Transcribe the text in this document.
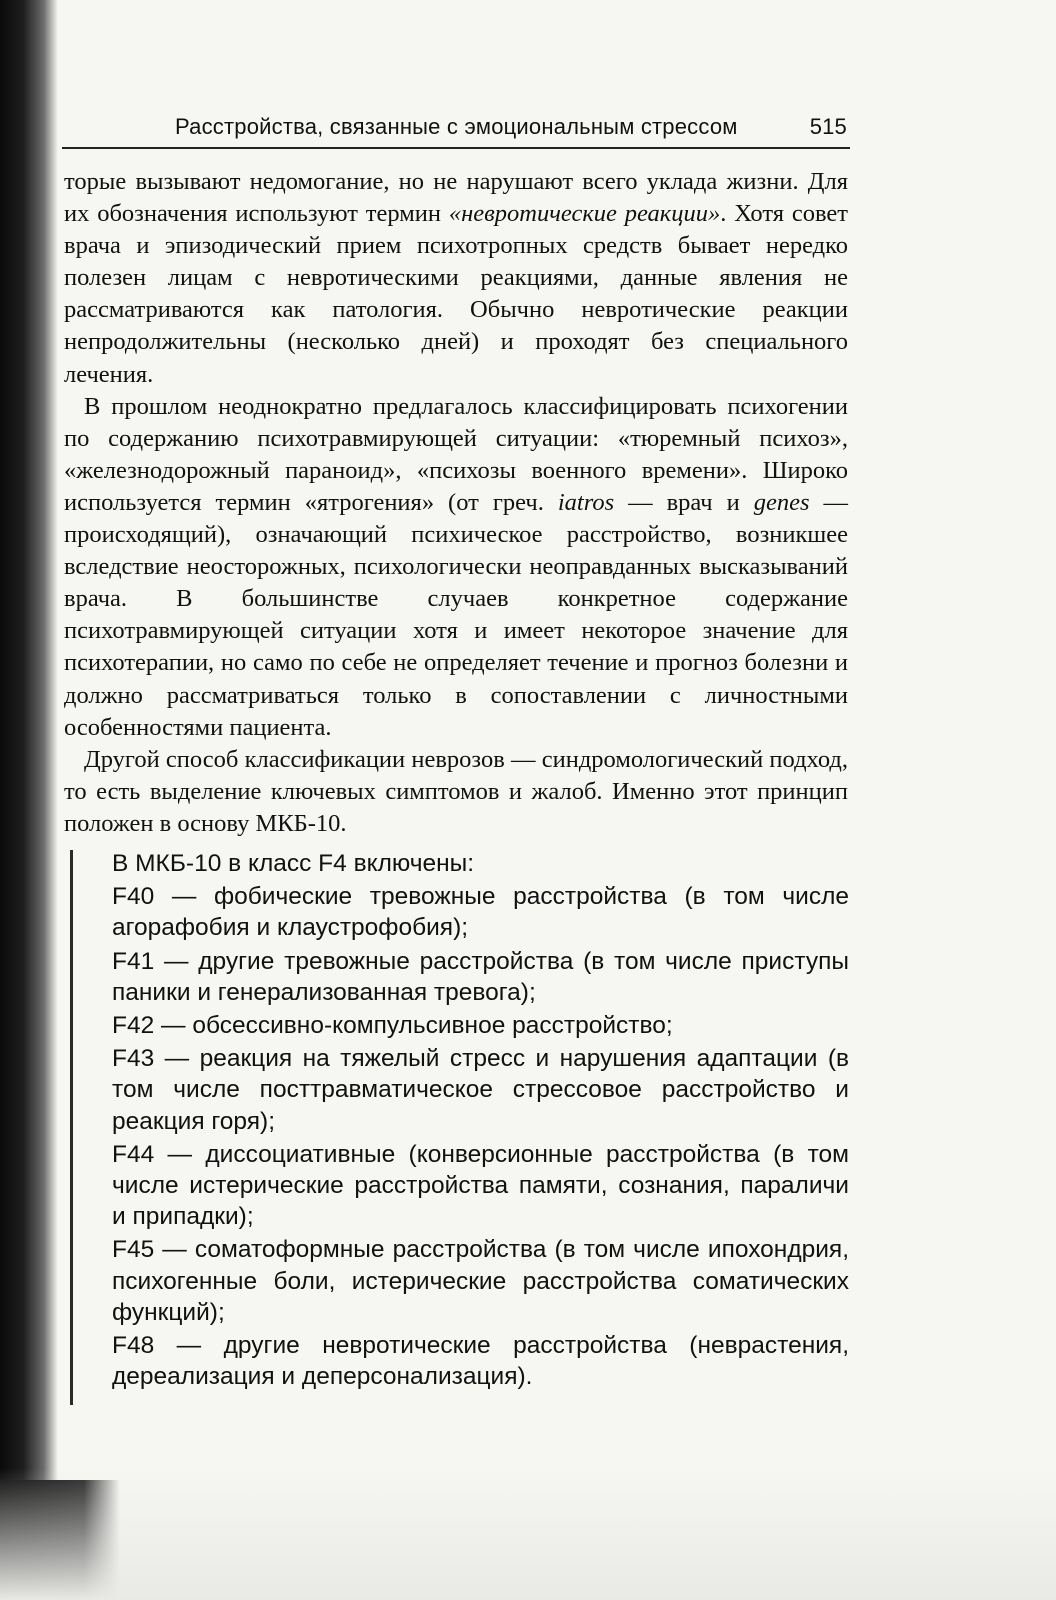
Расстройства, связанные с эмоциональным стрессом	515

торые вызывают недомогание, но не нарушают всего уклада жизни. Для их обозначения используют термин «невротические реакции». Хотя совет врача и эпизодический прием психотропных средств бывает нередко полезен лицам с невротическими реакциями, данные явления не рассматриваются как патология. Обычно невротические реакции непродолжительны (несколько дней) и проходят без специального лечения.

В прошлом неоднократно предлагалось классифицировать психогении по содержанию психотравмирующей ситуации: «тюремный психоз», «железнодорожный параноид», «психозы военного времени». Широко используется термин «ятрогения» (от греч. iatros — врач и genes — происходящий), означающий психическое расстройство, возникшее вследствие неосторожных, психологически неоправданных высказываний врача. В большинстве случаев конкретное содержание психотравмирующей ситуации хотя и имеет некоторое значение для психотерапии, но само по себе не определяет течение и прогноз болезни и должно рассматриваться только в сопоставлении с личностными особенностями пациента.

Другой способ классификации неврозов — синдромологический подход, то есть выделение ключевых симптомов и жалоб. Именно этот принцип положен в основу МКБ-10.

В МКБ-10 в класс F4 включены:

F40 — фобические тревожные расстройства (в том числе агорафобия и клаустрофобия);

F41 — другие тревожные расстройства (в том числе приступы паники и генерализованная тревога);

F42 — обсессивно-компульсивное расстройство;

F43 — реакция на тяжелый стресс и нарушения адаптации (в том числе посттравматическое стрессовое расстройство и реакция горя);

F44 — диссоциативные (конверсионные расстройства (в том числе истерические расстройства памяти, сознания, параличи и припадки);

F45 — соматоформные расстройства (в том числе ипохондрия, психогенные боли, истерические расстройства соматических функций);

F48 — другие невротические расстройства (неврастения, дереализация и деперсонализация).
